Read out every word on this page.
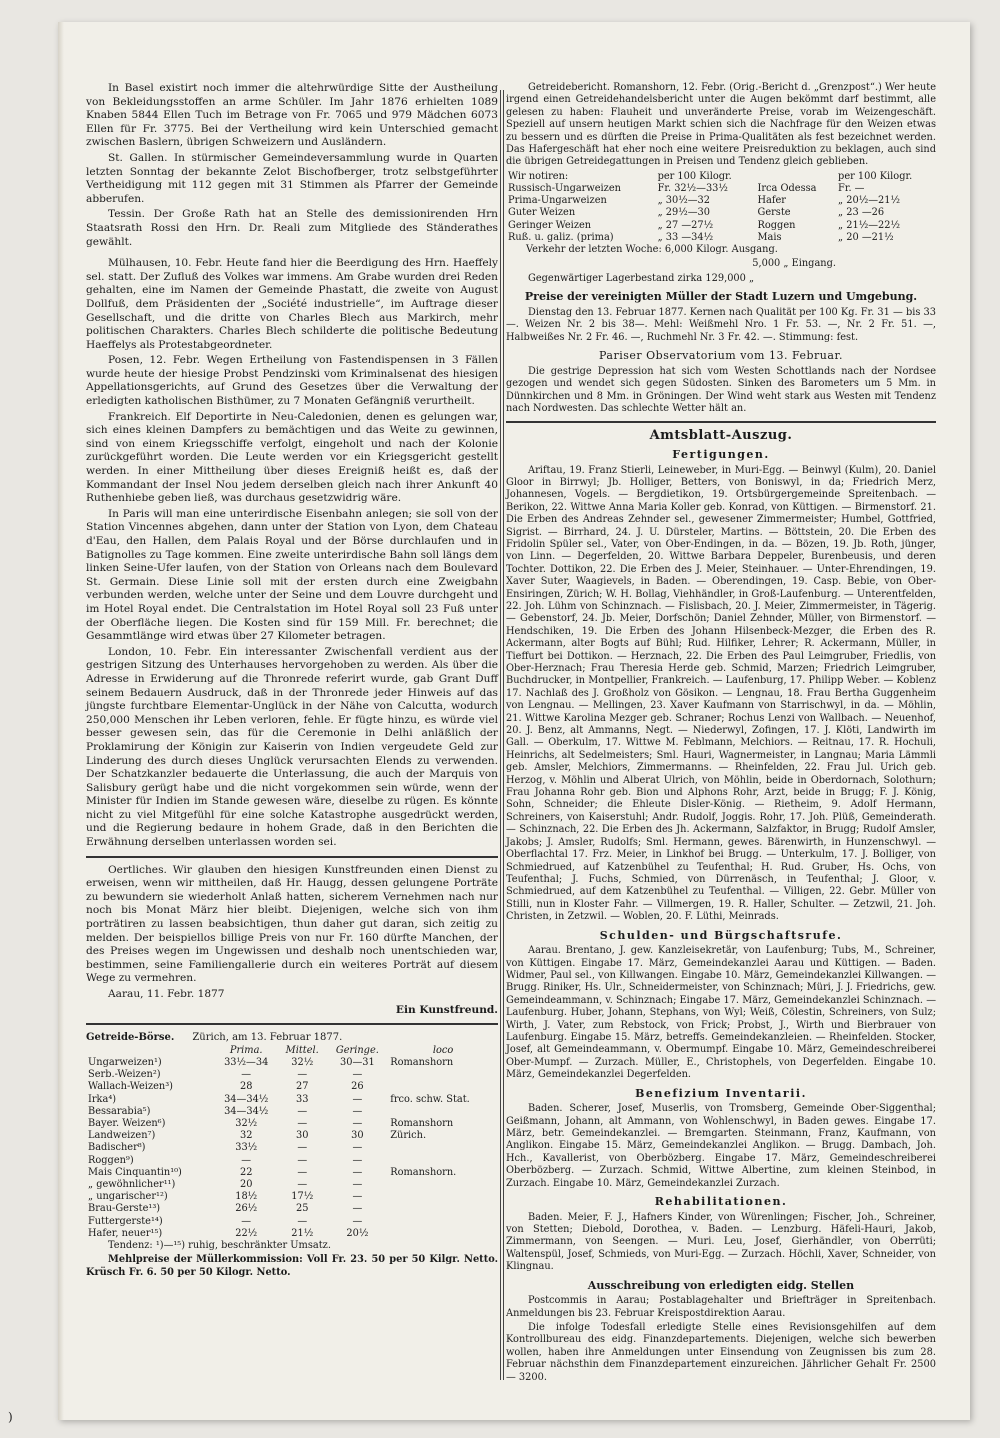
In Basel existirt noch immer die altehrwürdige Sitte der Austheilung von Bekleidungsstoffen an arme Schüler. Im Jahr 1876 erhielten 1089 Knaben 5844 Ellen Tuch im Betrage von Fr. 7065 und 979 Mädchen 6073 Ellen für Fr. 3775. Bei der Vertheilung wird kein Unterschied gemacht zwischen Baslern, übrigen Schweizern und Ausländern.

St. Gallen. In stürmischer Gemeindeversammlung wurde in Quarten letzten Sonntag der bekannte Zelot Bischofberger, trotz selbstgeführter Vertheidigung mit 112 gegen mit 31 Stimmen als Pfarrer der Gemeinde abberufen.

Tessin. Der Große Rath hat an Stelle des demissionirenden Hrn Staatsrath Rossi den Hrn. Dr. Reali zum Mitgliede des Ständerathes gewählt.

Mülhausen, 10. Febr. Heute fand hier die Beerdigung des Hrn. Haeffely sel. statt. Der Zufluß des Volkes war immens. Am Grabe wurden drei Reden gehalten, eine im Namen der Gemeinde Phastatt, die zweite von August Dollfuß, dem Präsidenten der „Société industrielle“, im Auftrage dieser Gesellschaft, und die dritte von Charles Blech aus Markirch, mehr politischen Charakters. Charles Blech schilderte die politische Bedeutung Haeffelys als Protestabgeordneter.

Posen, 12. Febr. Wegen Ertheilung von Fastendispensen in 3 Fällen wurde heute der hiesige Probst Pendzinski vom Kriminalsenat des hiesigen Appellationsgerichts, auf Grund des Gesetzes über die Verwaltung der erledigten katholischen Bisthümer, zu 7 Monaten Gefängniß verurtheilt.

Frankreich. Elf Deportirte in Neu-Caledonien, denen es gelungen war, sich eines kleinen Dampfers zu bemächtigen und das Weite zu gewinnen, sind von einem Kriegsschiffe verfolgt, eingeholt und nach der Kolonie zurückgeführt worden. Die Leute werden vor ein Kriegsgericht gestellt werden. In einer Mittheilung über dieses Ereigniß heißt es, daß der Kommandant der Insel Nou jedem derselben gleich nach ihrer Ankunft 40 Ruthenhiebe geben ließ, was durchaus gesetzwidrig wäre.

In Paris will man eine unterirdische Eisenbahn anlegen; sie soll von der Station Vincennes abgehen, dann unter der Station von Lyon, dem Chateau d'Eau, den Hallen, dem Palais Royal und der Börse durchlaufen und in Batignolles zu Tage kommen. Eine zweite unterirdische Bahn soll längs dem linken Seine-Ufer laufen, von der Station von Orleans nach dem Boulevard St. Germain. Diese Linie soll mit der ersten durch eine Zweigbahn verbunden werden, welche unter der Seine und dem Louvre durchgeht und im Hotel Royal endet. Die Centralstation im Hotel Royal soll 23 Fuß unter der Oberfläche liegen. Die Kosten sind für 159 Mill. Fr. berechnet; die Gesammtlänge wird etwas über 27 Kilometer betragen.

London, 10. Febr. Ein interessanter Zwischenfall verdient aus der gestrigen Sitzung des Unterhauses hervorgehoben zu werden. Als über die Adresse in Erwiderung auf die Thronrede referirt wurde, gab Grant Duff seinem Bedauern Ausdruck, daß in der Thronrede jeder Hinweis auf das jüngste furchtbare Elementar-Unglück in der Nähe von Calcutta, wodurch 250,000 Menschen ihr Leben verloren, fehle. Er fügte hinzu, es würde viel besser gewesen sein, das für die Ceremonie in Delhi anläßlich der Proklamirung der Königin zur Kaiserin von Indien vergeudete Geld zur Linderung des durch dieses Unglück verursachten Elends zu verwenden. Der Schatzkanzler bedauerte die Unterlassung, die auch der Marquis von Salisbury gerügt habe und die nicht vorgekommen sein würde, wenn der Minister für Indien im Stande gewesen wäre, dieselbe zu rügen. Es könnte nicht zu viel Mitgefühl für eine solche Katastrophe ausgedrückt werden, und die Regierung bedaure in hohem Grade, daß in den Berichten die Erwähnung derselben unterlassen worden sei.

Oertliches. Wir glauben den hiesigen Kunstfreunden einen Dienst zu erweisen, wenn wir mittheilen, daß Hr. Haugg, dessen gelungene Porträte zu bewundern sie wiederholt Anlaß hatten, sicherem Vernehmen nach nur noch bis Monat März hier bleibt. Diejenigen, welche sich von ihm porträtiren zu lassen beabsichtigen, thun daher gut daran, sich zeitig zu melden. Der beispiellos billige Preis von nur Fr. 160 dürfte Manchen, der des Preises wegen im Ungewissen und deshalb noch unentschieden war, bestimmen, seine Familiengallerie durch ein weiteres Porträt auf diesem Wege zu vermehren.

Aarau, 11. Febr. 1877

Ein Kunstfreund.

Getreide-Börse. Zürich, am 13. Februar 1877.
	Prima.	Mittel.	Geringe.	loco
Ungarweizen¹)	33½—34	32½	30—31	Romanshorn
Serb.-Weizen²)	—	—	—	
Wallach-Weizen³)	28	27	26	
Irka⁴)	34—34½	33	—	frco. schw. Stat.
Bessarabia⁵)	34—34½	—	—	
Bayer. Weizen⁶)	32½	—	—	Romanshorn
Landweizen⁷)	32	30	30	Zürich.
Badischer⁸)	33½	—	—	
Roggen⁹)	—	—	—	
Mais Cinquantin¹⁰)	22	—	—	Romanshorn.
„ gewöhnlicher¹¹)	20	—	—	
„ ungarischer¹²)	18½	17½	—	
Brau-Gerste¹³)	26½	25	—	
Futtergerste¹⁴)	—	—	—	
Hafer, neuer¹⁵)	22½	21½	20½	

Tendenz: ¹)—¹⁵) ruhig, beschränkter Umsatz.

Mehlpreise der Müllerkommission: Voll Fr. 23. 50 per 50 Kilgr. Netto. Krüsch Fr. 6. 50 per 50 Kilogr. Netto.

Getreidebericht. Romanshorn, 12. Febr. (Orig.-Bericht d. „Grenzpost“.) Wer heute irgend einen Getreidehandelsbericht unter die Augen bekömmt darf bestimmt, alle gelesen zu haben: Flauheit und unveränderte Preise, vorab im Weizengeschäft. Speziell auf unsern heutigen Markt schien sich die Nachfrage für den Weizen etwas zu bessern und es dürften die Preise in Prima-Qualitäten als fest bezeichnet werden. Das Hafergeschäft hat eher noch eine weitere Preisreduktion zu beklagen, auch sind die übrigen Getreidegattungen in Preisen und Tendenz gleich geblieben.

Wir notiren:	per 100 Kilogr.		per 100 Kilogr.
Russisch-Ungarweizen	Fr. 32½—33½	Irca Odessa	Fr. —
Prima-Ungarweizen	„ 30½—32	Hafer	„ 20½—21½
Guter Weizen	„ 29½—30	Gerste	„ 23 —26
Geringer Weizen	„ 27 —27½	Roggen	„ 21½—22½
Ruß. u. galiz. (prima)	„ 33 —34½	Mais	„ 20 —21½

Verkehr der letzten Woche: 6,000 Kilogr. Ausgang.

5,000 „ Eingang.

Gegenwärtiger Lagerbestand zirka 129,000 „

Preise der vereinigten Müller der Stadt Luzern und Umgebung.

Dienstag den 13. Februar 1877. Kernen nach Qualität per 100 Kg. Fr. 31 — bis 33—. Weizen Nr. 2 bis 38—. Mehl: Weißmehl Nro. 1 Fr. 53. —, Nr. 2 Fr. 51. —, Halbweißes Nr. 2 Fr. 46. —, Ruchmehl Nr. 3 Fr. 42. —. Stimmung: fest.

Pariser Observatorium vom 13. Februar.

Die gestrige Depression hat sich vom Westen Schottlands nach der Nordsee gezogen und wendet sich gegen Südosten. Sinken des Barometers um 5 Mm. in Dünnkirchen und 8 Mm. in Gröningen. Der Wind weht stark aus Westen mit Tendenz nach Nordwesten. Das schlechte Wetter hält an.

Amtsblatt-Auszug.
Fertigungen.

Ariftau, 19. Franz Stierli, Leineweber, in Muri-Egg. — Beinwyl (Kulm), 20. Daniel Gloor in Birrwyl; Jb. Holliger, Betters, von Boniswyl, in da; Friedrich Merz, Johannesen, Vogels. — Bergdietikon, 19. Ortsbürgergemeinde Spreitenbach. — Berikon, 22. Wittwe Anna Maria Koller geb. Konrad, von Küttigen. — Birmenstorf. 21. Die Erben des Andreas Zehnder sel., gewesener Zimmermeister; Humbel, Gottfried, Sigrist. — Birrhard, 24. J. U. Dürsteler, Martins. — Böttstein, 20. Die Erben des Fridolin Spüler sel., Vater, von Ober-Endingen, in da. — Bözen, 19. Jb. Roth, jünger, von Linn. — Degerfelden, 20. Wittwe Barbara Deppeler, Burenbeusis, und deren Tochter. Dottikon, 22. Die Erben des J. Meier, Steinhauer. — Unter-Ehrendingen, 19. Xaver Suter, Waagievels, in Baden. — Oberendingen, 19. Casp. Bebie, von Ober-Ensiringen, Zürich; W. H. Bollag, Viehhändler, in Groß-Laufenburg. — Unterentfelden, 22. Joh. Lühm von Schinznach. — Fislisbach, 20. J. Meier, Zimmermeister, in Tägerig. — Gebenstorf, 24. Jb. Meier, Dorfschön; Daniel Zehnder, Müller, von Birmenstorf. — Hendschiken, 19. Die Erben des Johann Hilsenbeck-Mezger, die Erben des R. Ackermann, alter Bogts auf Bühl; Rud. Hilfiker, Lehrer; R. Ackermann, Müller, in Tieffurt bei Dottikon. — Herznach, 22. Die Erben des Paul Leimgruber, Friedlis, von Ober-Herznach; Frau Theresia Herde geb. Schmid, Marzen; Friedrich Leimgruber, Buchdrucker, in Montpellier, Frankreich. — Laufenburg, 17. Philipp Weber. — Koblenz 17. Nachlaß des J. Großholz von Gösikon. — Lengnau, 18. Frau Bertha Guggenheim von Lengnau. — Mellingen, 23. Xaver Kaufmann von Starrischwyl, in da. — Möhlin, 21. Wittwe Karolina Mezger geb. Schraner; Rochus Lenzi von Wallbach. — Neuenhof, 20. J. Benz, alt Ammanns, Negt. — Niederwyl, Zofingen, 17. J. Klöti, Landwirth im Gall. — Oberkulm, 17. Wittwe M. Feblmann, Melchiors. — Reitnau, 17. R. Hochuli, Heinrichs, alt Sedelmeisters; Sml. Hauri, Wagnermeister, in Langnau; Maria Lämmli geb. Amsler, Melchiors, Zimmermanns. — Rheinfelden, 22. Frau Jul. Urich geb. Herzog, v. Möhlin und Alberat Ulrich, von Möhlin, beide in Oberdornach, Solothurn; Frau Johanna Rohr geb. Bion und Alphons Rohr, Arzt, beide in Brugg; F. J. König, Sohn, Schneider; die Ehleute Disler-König. — Rietheim, 9. Adolf Hermann, Schreiners, von Kaiserstuhl; Andr. Rudolf, Joggis. Rohr, 17. Joh. Plüß, Gemeinderath. — Schinznach, 22. Die Erben des Jh. Ackermann, Salzfaktor, in Brugg; Rudolf Amsler, Jakobs; J. Amsler, Rudolfs; Sml. Hermann, gewes. Bärenwirth, in Hunzenschwyl. — Oberflachtal 17. Frz. Meier, in Linkhof bei Brugg. — Unterkulm, 17. J. Bolliger, von Schmiedrued, auf Katzenbühel zu Teufenthal; H. Rud. Gruber, Hs. Ochs, von Teufenthal; J. Fuchs, Schmied, von Dürrenäsch, in Teufenthal; J. Gloor, v. Schmiedrued, auf dem Katzenbühel zu Teufenthal. — Villigen, 22. Gebr. Müller von Stilli, nun in Kloster Fahr. — Villmergen, 19. R. Haller, Schulter. — Zetzwil, 21. Joh. Christen, in Zetzwil. — Woblen, 20. F. Lüthi, Meinrads.

Schulden- und Bürgschaftsrufe.

Aarau. Brentano, J. gew. Kanzleisekretär, von Laufenburg; Tubs, M., Schreiner, von Küttigen. Eingabe 17. März, Gemeindekanzlei Aarau und Küttigen. — Baden. Widmer, Paul sel., von Killwangen. Eingabe 10. März, Gemeindekanzlei Killwangen. — Brugg. Riniker, Hs. Ulr., Schneidermeister, von Schinznach; Müri, J. J. Friedrichs, gew. Gemeindeammann, v. Schinznach; Eingabe 17. März, Gemeindekanzlei Schinznach. — Laufenburg. Huber, Johann, Stephans, von Wyl; Weiß, Cölestin, Schreiners, von Sulz; Wirth, J. Vater, zum Rebstock, von Frick; Probst, J., Wirth und Bierbrauer von Laufenburg. Eingabe 15. März, betreffs. Gemeindekanzleien. — Rheinfelden. Stocker, Josef, alt Gemeindeammann, v. Obermumpf. Eingabe 10. März, Gemeindeschreiberei Ober-Mumpf. — Zurzach. Müller, E., Christophels, von Degerfelden. Eingabe 10. März, Gemeindekanzlei Degerfelden.

Benefizium Inventarii.

Baden. Scherer, Josef, Muserlis, von Tromsberg, Gemeinde Ober-Siggenthal; Geißmann, Johann, alt Ammann, von Wohlenschwyl, in Baden gewes. Eingabe 17. März, betr. Gemeindekanzlei. — Bremgarten. Steinmann, Franz, Kaufmann, von Anglikon. Eingabe 15. März, Gemeindekanzlei Anglikon. — Brugg. Dambach, Joh. Hch., Kavallerist, von Oberbözberg. Eingabe 17. März, Gemeindeschreiberei Oberbözberg. — Zurzach. Schmid, Wittwe Albertine, zum kleinen Steinbod, in Zurzach. Eingabe 10. März, Gemeindekanzlei Zurzach.

Rehabilitationen.

Baden. Meier, F. J., Hafners Kinder, von Würenlingen; Fischer, Joh., Schreiner, von Stetten; Diebold, Dorothea, v. Baden. — Lenzburg. Häfeli-Hauri, Jakob, Zimmermann, von Seengen. — Muri. Leu, Josef, Gierhändler, von Oberrüti; Waltenspül, Josef, Schmieds, von Muri-Egg. — Zurzach. Höchli, Xaver, Schneider, von Klingnau.

Ausschreibung von erledigten eidg. Stellen

Postcommis in Aarau; Postablagehalter und Briefträger in Spreitenbach. Anmeldungen bis 23. Februar Kreispostdirektion Aarau.

Die infolge Todesfall erledigte Stelle eines Revisionsgehilfen auf dem Kontrollbureau des eidg. Finanzdepartements. Diejenigen, welche sich bewerben wollen, haben ihre Anmeldungen unter Einsendung von Zeugnissen bis zum 28. Februar nächsthin dem Finanzdepartement einzureichen. Jährlicher Gehalt Fr. 2500 — 3200.

)
